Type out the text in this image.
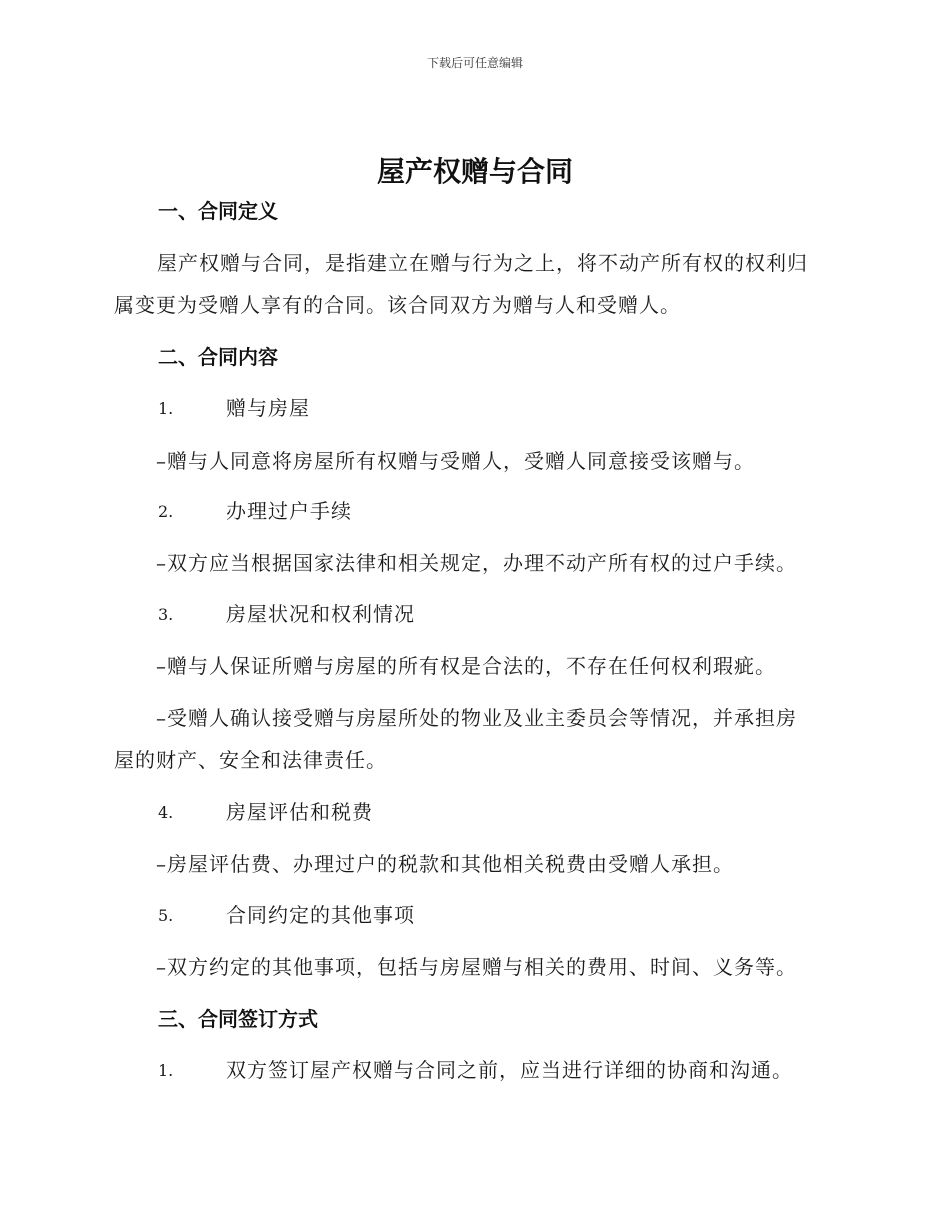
下载后可任意编辑
屋产权赠与合同
一、合同定义
屋产权赠与合同，是指建立在赠与行为之上，将不动产所有权的权利归
属变更为受赠人享有的合同。该合同双方为赠与人和受赠人。
二、合同内容
1.	赠与房屋
–赠与人同意将房屋所有权赠与受赠人，受赠人同意接受该赠与。
2.	办理过户手续
–双方应当根据国家法律和相关规定，办理不动产所有权的过户手续。
3.	房屋状况和权利情况
–赠与人保证所赠与房屋的所有权是合法的，不存在任何权利瑕疵。
–受赠人确认接受赠与房屋所处的物业及业主委员会等情况，并承担房
屋的财产、安全和法律责任。
4.	房屋评估和税费
–房屋评估费、办理过户的税款和其他相关税费由受赠人承担。
5.	合同约定的其他事项
–双方约定的其他事项，包括与房屋赠与相关的费用、时间、义务等。
三、合同签订方式
1.	双方签订屋产权赠与合同之前，应当进行详细的协商和沟通。
